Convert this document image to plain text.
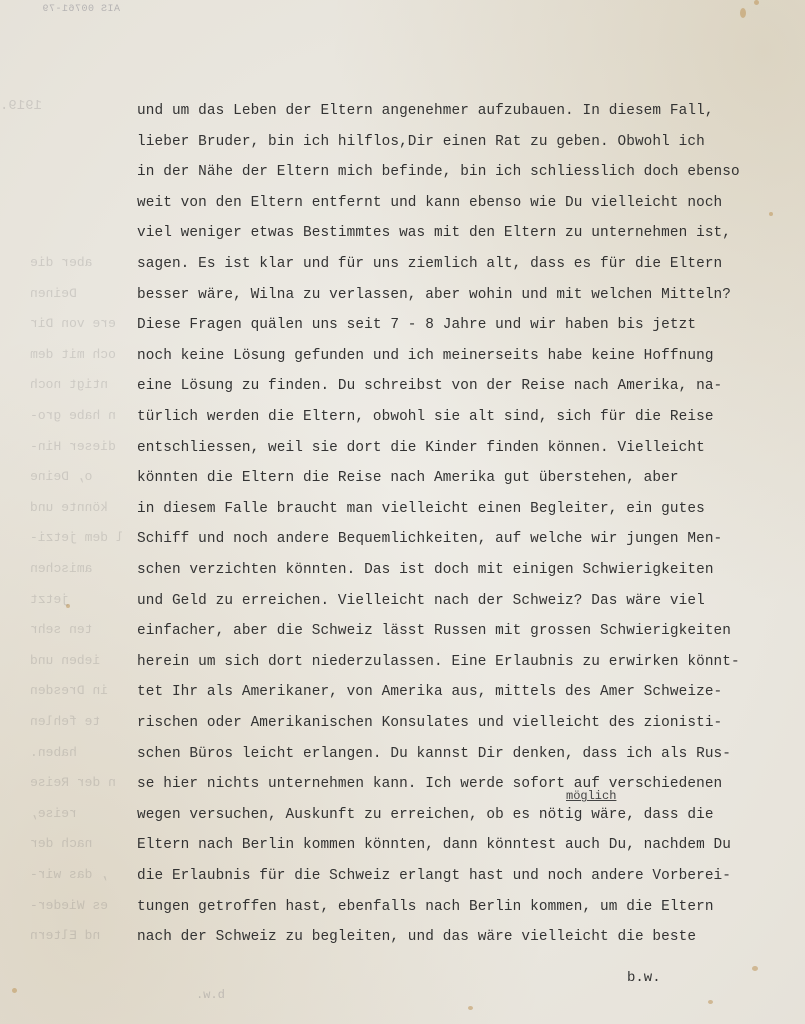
AIS 00761-79
1919.
aber die
Deinen
ere von Dir
och mit dem
ntigt noch
n habe gro-
dieser Hin-
o, Deine
könnte und
l dem jetzi-
amischen
jetzt
ten sehr
ieben und
in Dresden
te fehlen
haben.
n der Reise
reise,
nach der
, das wir-
es Wieder-
nd Eltern
und um das Leben der Eltern angenehmer aufzubauen. In diesem Fall,
lieber Bruder, bin ich hilflos,Dir einen Rat zu geben. Obwohl ich
in der Nähe der Eltern mich befinde, bin ich schliesslich doch ebenso
weit von den Eltern entfernt und kann ebenso wie Du vielleicht noch
viel weniger etwas Bestimmtes was mit den Eltern zu unternehmen ist,
sagen. Es ist klar und für uns ziemlich alt, dass es für die Eltern
besser wäre, Wilna zu verlassen, aber wohin und mit welchen Mitteln?
Diese Fragen quälen uns seit 7 - 8 Jahre und wir haben bis jetzt
noch keine Lösung gefunden und ich meinerseits habe keine Hoffnung
eine Lösung zu finden. Du schreibst von der Reise nach Amerika, na-
türlich werden die Eltern, obwohl sie alt sind, sich für die Reise
entschliessen, weil sie dort die Kinder finden können. Vielleicht
könnten die Eltern die Reise nach Amerika gut überstehen, aber
in diesem Falle braucht man vielleicht einen Begleiter, ein gutes
Schiff und noch andere Bequemlichkeiten, auf welche wir jungen Men-
schen verzichten könnten. Das ist doch mit einigen Schwierigkeiten
und Geld zu erreichen. Vielleicht nach der Schweiz? Das wäre viel
einfacher, aber die Schweiz lässt Russen mit grossen Schwierigkeiten
herein um sich dort niederzulassen. Eine Erlaubnis zu erwirken könnt-
tet Ihr als Amerikaner, von Amerika aus, mittels des Amer Schweize-
rischen oder Amerikanischen Konsulates und vielleicht des zionisti-
schen Büros leicht erlangen. Du kannst Dir denken, dass ich als Rus-
se hier nichts unternehmen kann. Ich werde sofort auf verschiedenen
wegen versuchen, Auskunft zu erreichen, ob es nötig wäre, dass die
Eltern nach Berlin kommen könnten, dann könntest auch Du, nachdem Du
die Erlaubnis für die Schweiz erlangt hast und noch andere Vorberei-
tungen getroffen hast, ebenfalls nach Berlin kommen, um die Eltern
nach der Schweiz zu begleiten, und das wäre vielleicht die beste
möglich
b.w.
b.w.
